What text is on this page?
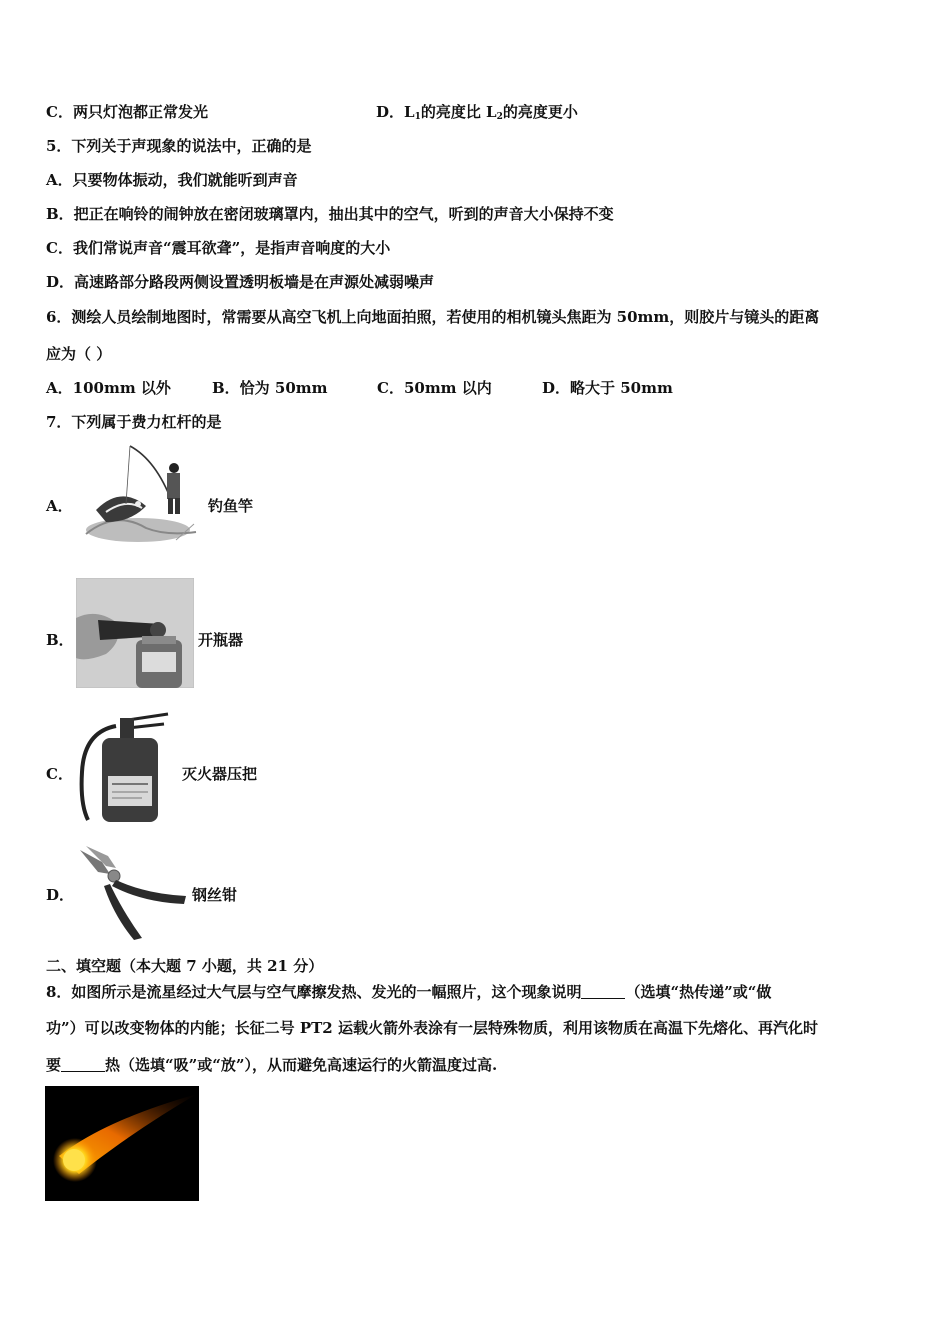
C．两只灯泡都正常发光	D．$L_1$的亮度比 $L_2$的亮度更小
5．下列关于声现象的说法中，正确的是
A．只要物体振动，我们就能听到声音
B．把正在响铃的闹钟放在密闭玻璃罩内，抽出其中的空气，听到的声音大小保持不变
C．我们常说声音“震耳欲聋”，是指声音响度的大小
D．高速路部分路段两侧设置透明板墙是在声源处减弱噪声
6．测绘人员绘制地图时，常需要从高空飞机上向地面拍照，若使用的相机镜头焦距为 50mm，则胶片与镜头的距离
应为（ ）
A．100mm 以外	B．恰为 50mm	C．50mm 以内	D．略大于 50mm
7．下列属于费力杠杆的是
A．	钓鱼竿
B．	开瓶器
C．	灭火器压把
D．	钢丝钳
二、填空题（本大题 7 小题，共 21 分）
8．如图所示是流星经过大气层与空气摩擦发热、发光的一幅照片，这个现象说明	（选填“热传递”或“做
功”）可以改变物体的内能；长征二号 PT2 运载火箭外表涂有一层特殊物质，利用该物质在高温下先熔化、再汽化时
要	热（选填“吸”或“放”），从而避免高速运行的火箭温度过高.
